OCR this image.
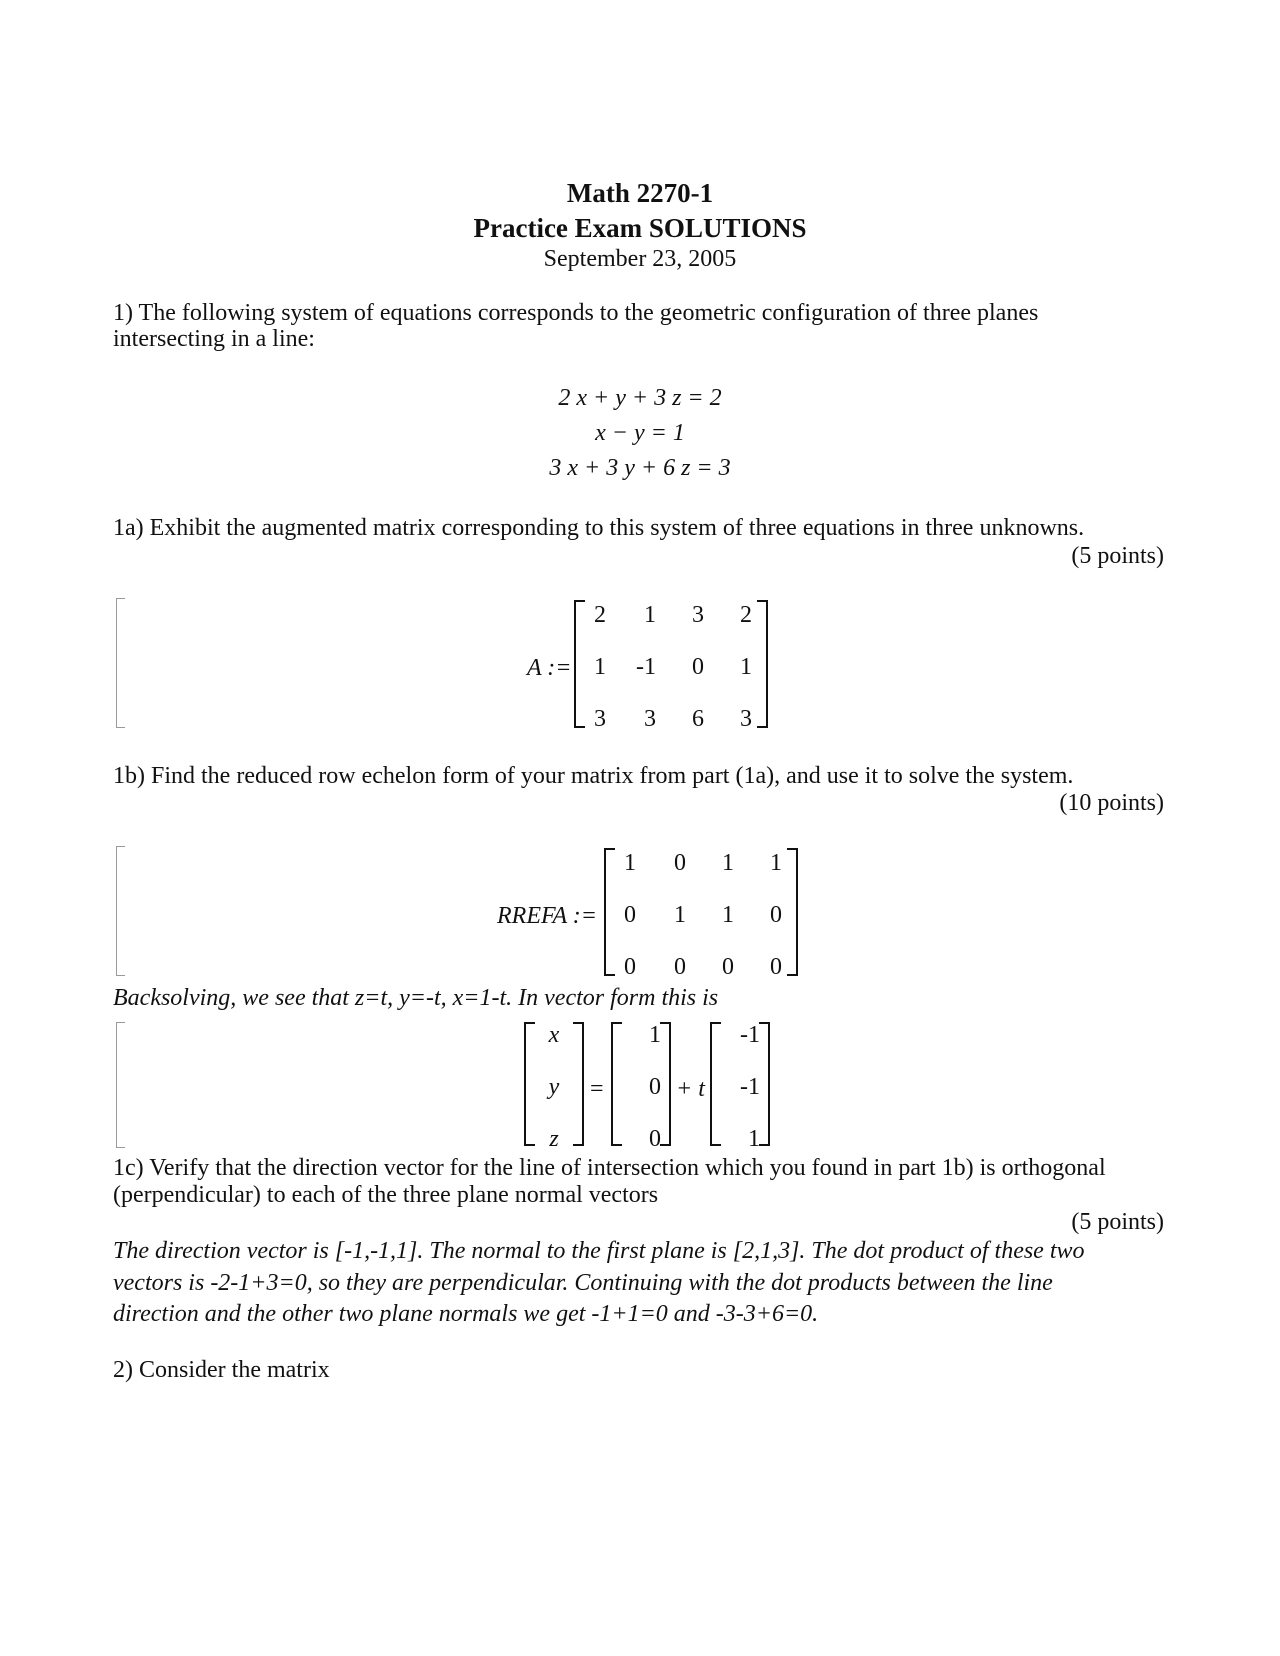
Math 2270-1
Practice Exam SOLUTIONS
September 23, 2005
1) The following system of equations corresponds to the geometric configuration of three planes
intersecting in a line:
2 x + y + 3 z = 2
x − y = 1
3 x + 3 y + 6 z = 3
1a) Exhibit the augmented matrix corresponding to this system of three equations in three unknowns.
(5 points)
A :=
2	1	3	2
1	-1	0	1
3	3	6	3
1b) Find the reduced row echelon form of your matrix from part (1a), and use it to solve the system.
(10 points)
RREFA :=
1	0	1	1
0	1	1	0
0	0	0	0
Backsolving, we see that z=t, y=-t, x=1-t. In vector form this is
x
y
z
=
1
0
0
+ t
-1
-1
1
1c) Verify that the direction vector for the line of intersection which you found in part 1b) is orthogonal
(perpendicular) to each of the three plane normal vectors
(5 points)
The direction vector is [-1,-1,1]. The normal to the first plane is [2,1,3]. The dot product of these two
vectors is -2-1+3=0, so they are perpendicular. Continuing with the dot products between the line
direction and the other two plane normals we get -1+1=0 and -3-3+6=0.
2) Consider the matrix
